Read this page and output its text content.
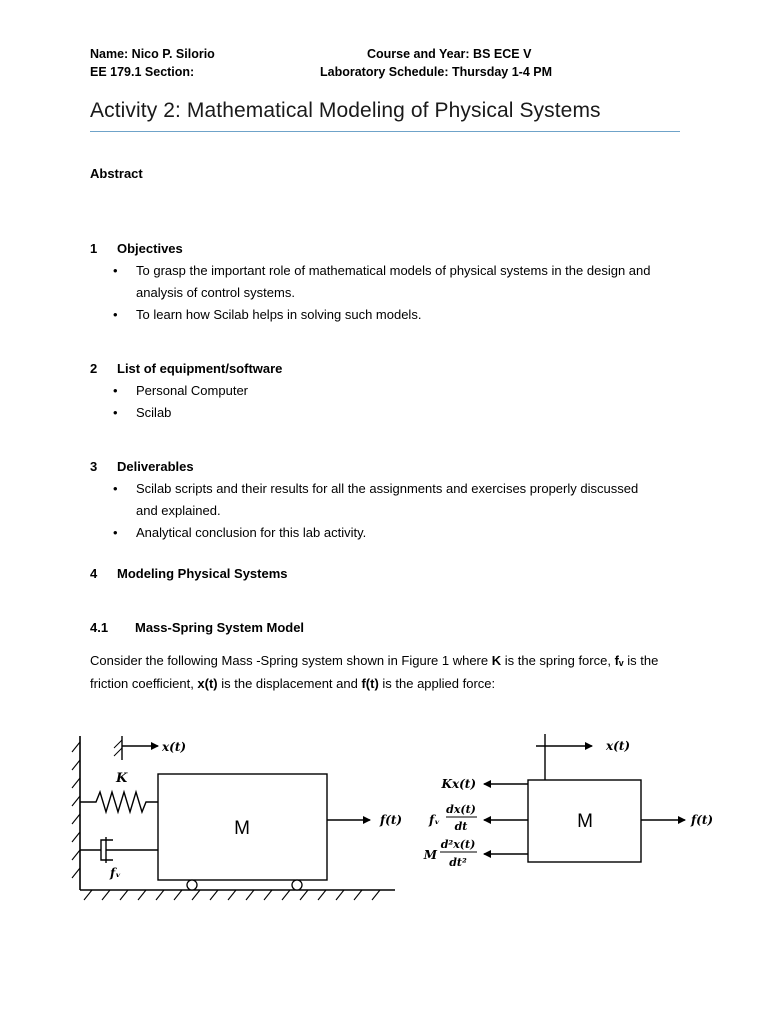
Name: Nico P. Silorio
EE 179.1 Section:
Course and Year: BS ECE V
Laboratory Schedule: Thursday 1-4 PM
Activity 2: Mathematical Modeling of Physical Systems
Abstract
1 Objectives
• To grasp the important role of mathematical models of physical systems in the design and analysis of control systems.
• To learn how Scilab helps in solving such models.
2 List of equipment/software
• Personal Computer
• Scilab
3 Deliverables
• Scilab scripts and their results for all the assignments and exercises properly discussed and explained.
• Analytical conclusion for this lab activity.
4 Modeling Physical Systems
4.1 Mass-Spring System Model
Consider the following Mass -Spring system shown in Figure 1 where K is the spring force, fᵥ is the friction coefficient, x(t) is the displacement and f(t) is the applied force:
x(t)
K
fᵥ
M	f(t)
x(t)
M	f(t)
Kx(t)
fᵥ
dx(t)
dt
M
d²x(t)
dt²
